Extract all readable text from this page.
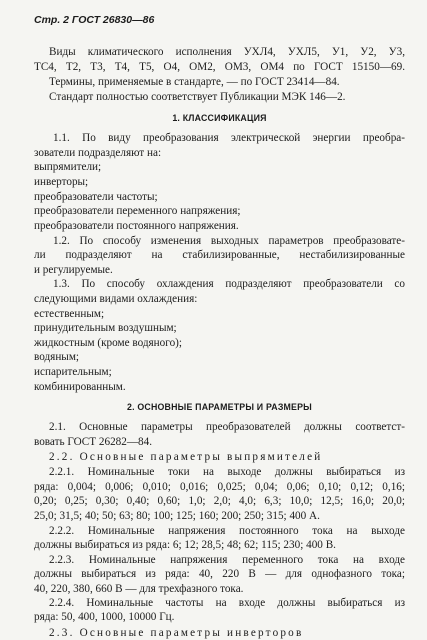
Стр. 2 ГОСТ 26830—86
Виды климатического исполнения УХЛ4, УХЛ5, У1, У2, У3,
ТС4, Т2, Т3, Т4, Т5, О4, ОМ2, ОМ3, ОМ4 по ГОСТ 15150—69.
Термины, применяемые в стандарте, — по ГОСТ 23414—84.
Стандарт полностью соответствует Публикации МЭК 146—2.
1. КЛАССИФИКАЦИЯ
1.1. По виду преобразования электрической энергии преобра-
зователи подразделяют на:
выпрямители;
инверторы;
преобразователи частоты;
преобразователи переменного напряжения;
преобразователи постоянного напряжения.
1.2. По способу изменения выходных параметров преобразовате-
ли подразделяют на стабилизированные, нестабилизированные
и регулируемые.
1.3. По способу охлаждения подразделяют преобразователи со
следующими видами охлаждения:
естественным;
принудительным воздушным;
жидкостным (кроме водяного);
водяным;
испарительным;
комбинированным.
2. ОСНОВНЫЕ ПАРАМЕТРЫ И РАЗМЕРЫ
2.1. Основные параметры преобразователей должны соответст-
вовать ГОСТ 26282—84.
2.2. Основные параметры выпрямителей
2.2.1. Номинальные токи на выходе должны выбираться из
ряда: 0,004; 0,006; 0,010; 0,016; 0,025; 0,04; 0,06; 0,10; 0,12; 0,16;
0,20; 0,25; 0,30; 0,40; 0,60; 1,0; 2,0; 4,0; 6,3; 10,0; 12,5; 16,0; 20,0;
25,0; 31,5; 40; 50; 63; 80; 100; 125; 160; 200; 250; 315; 400 А.
2.2.2. Номинальные напряжения постоянного тока на выходе
должны выбираться из ряда: 6; 12; 28,5; 48; 62; 115; 230; 400 В.
2.2.3. Номинальные напряжения переменного тока на входе
должны выбираться из ряда: 40, 220 В — для однофазного тока;
40, 220, 380, 660 В — для трехфазного тока.
2.2.4. Номинальные частоты на входе должны выбираться из
ряда: 50, 400, 1000, 10000 Гц.
2.3. Основные параметры инверторов
